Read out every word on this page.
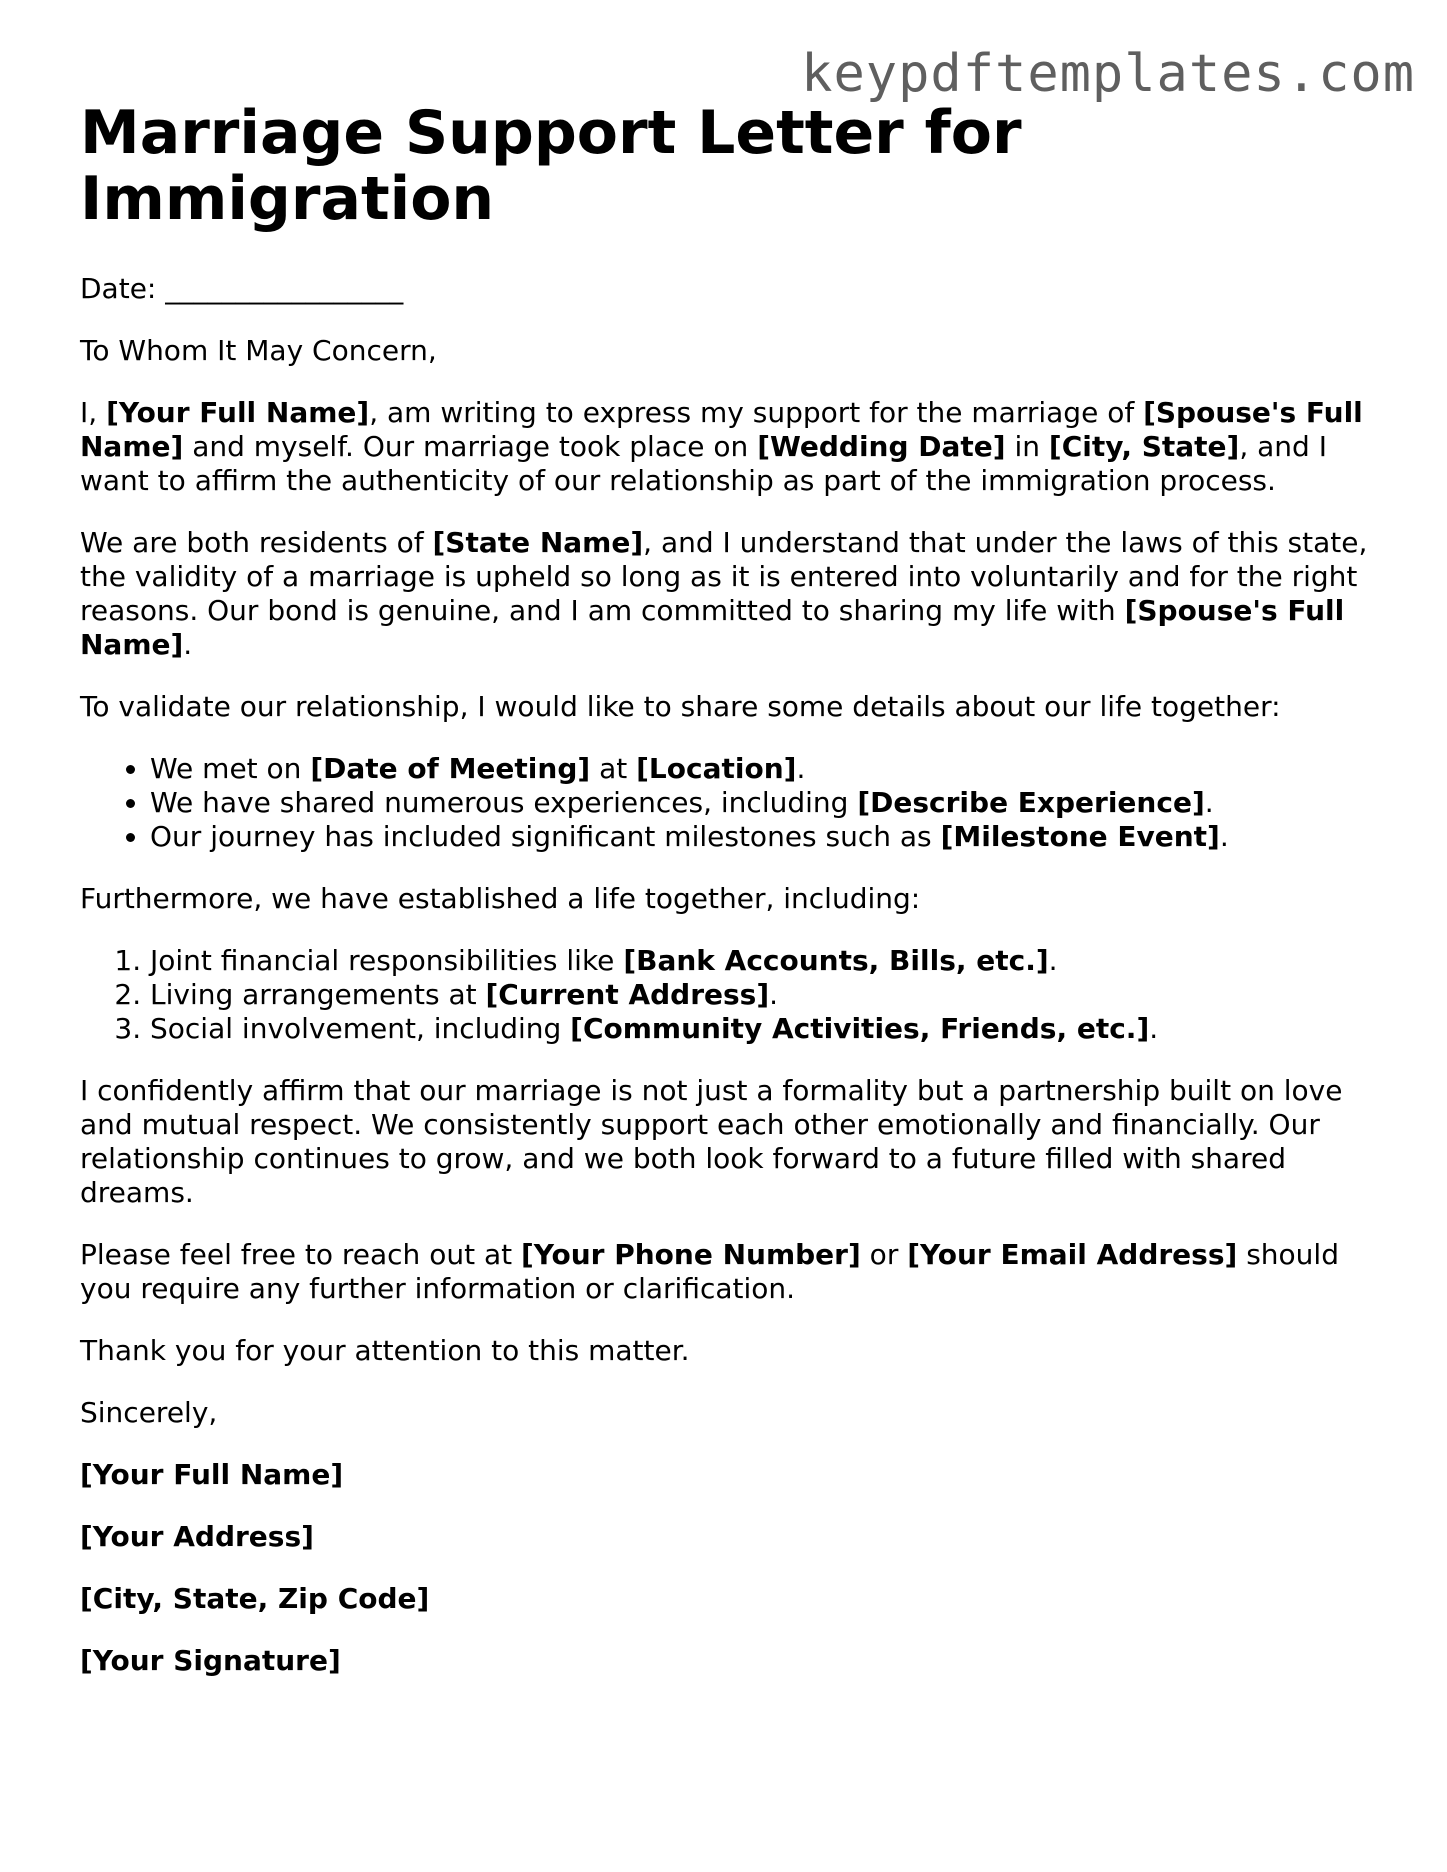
keypdftemplates.com
Marriage Support Letter for Immigration

Date: _________________

To Whom It May Concern,

I, [Your Full Name], am writing to express my support for the marriage of [Spouse's Full Name] and myself. Our marriage took place on [Wedding Date] in [City, State], and I want to affirm the authenticity of our relationship as part of the immigration process.

We are both residents of [State Name], and I understand that under the laws of this state, the validity of a marriage is upheld so long as it is entered into voluntarily and for the right reasons. Our bond is genuine, and I am committed to sharing my life with [Spouse's Full Name].

To validate our relationship, I would like to share some details about our life together:

• We met on [Date of Meeting] at [Location].
• We have shared numerous experiences, including [Describe Experience].
• Our journey has included significant milestones such as [Milestone Event].

Furthermore, we have established a life together, including:

1. Joint financial responsibilities like [Bank Accounts, Bills, etc.].
2. Living arrangements at [Current Address].
3. Social involvement, including [Community Activities, Friends, etc.].

I confidently affirm that our marriage is not just a formality but a partnership built on love and mutual respect. We consistently support each other emotionally and financially. Our relationship continues to grow, and we both look forward to a future filled with shared dreams.

Please feel free to reach out at [Your Phone Number] or [Your Email Address] should you require any further information or clarification.

Thank you for your attention to this matter.

Sincerely,

[Your Full Name]

[Your Address]

[City, State, Zip Code]

[Your Signature]
